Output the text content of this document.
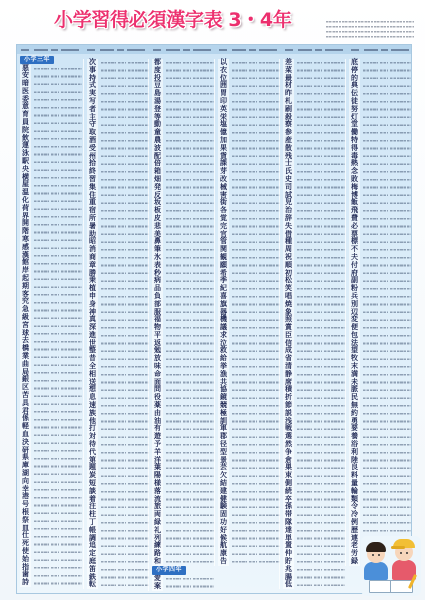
小学習得必須漢字表 3・4年
小学三年
悪
安
暗
医
委
意
育
員
院
飲
運
泳
駅
央
横
屋
温
化
荷
界
開
階
寒
感
漢
館
岸
起
期
客
究
急
級
宮
球
去
橋
業
曲
局
銀
区
苦
具
君
係
軽
血
決
研
県
庫
湖
向
幸
港
号
根
祭
皿
仕
死
使
始
指
歯
詩
次
事
持
式
実
写
者
主
守
取
酒
受
州
拾
終
習
集
住
重
宿
所
暑
助
昭
消
商
章
勝
乗
植
申
身
神
真
深
進
世
整
昔
全
相
送
想
息
速
族
他
打
対
待
代
第
題
炭
短
談
着
注
柱
丁
帳
調
追
定
庭
笛
鉄
転
都
度
投
豆
島
湯
登
等
動
童
農
波
配
倍
箱
畑
発
反
坂
板
皮
悲
美
鼻
筆
氷
表
秒
病
品
負
部
服
福
物
平
返
勉
放
味
命
面
問
役
薬
由
油
有
遊
予
羊
洋
葉
陽
様
落
流
旅
両
緑
礼
列
練
路
和
小学四年
愛
案
以
衣
位
囲
胃
印
英
栄
塩
億
加
果
貨
課
芽
改
械
害
街
各
覚
完
官
管
関
観
願
希
季
紀
喜
旗
器
機
議
求
泣
救
給
挙
漁
共
協
鏡
競
極
訓
軍
郡
径
型
景
芸
欠
結
建
健
験
固
功
好
候
航
康
告
差
菜
最
材
昨
札
刷
殺
察
参
産
散
残
士
氏
史
司
試
児
治
辞
失
借
種
周
祝
順
初
松
笑
唱
焼
象
照
賞
臣
信
成
省
清
静
席
積
折
節
説
浅
戦
選
然
争
倉
巣
束
側
続
卒
孫
帯
隊
達
単
置
仲
貯
兆
腸
低
底
停
的
典
伝
徒
努
灯
堂
働
特
得
毒
熱
念
敗
梅
博
飯
飛
費
必
票
標
不
夫
付
府
副
粉
兵
別
辺
変
便
包
法
望
牧
末
満
未
脈
民
無
約
勇
要
養
浴
利
陸
良
料
量
輪
類
令
冷
例
歴
連
老
労
録
